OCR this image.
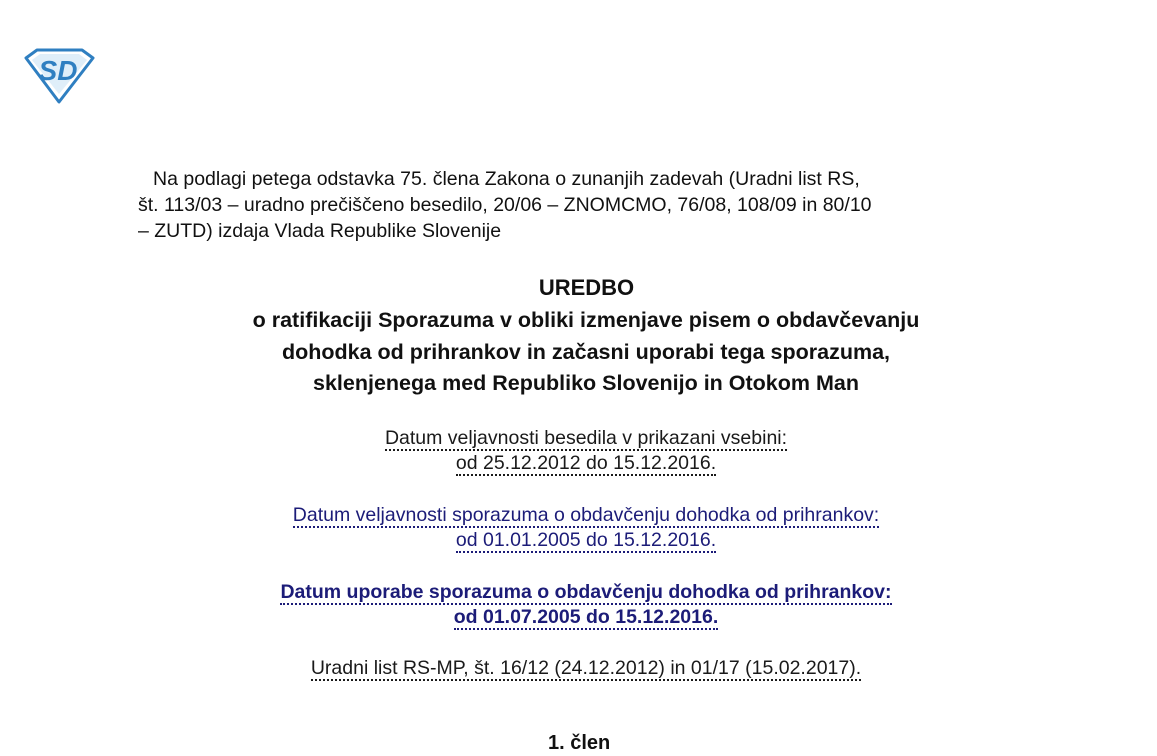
SD
Na podlagi petega odstavka 75. člena Zakona o zunanjih zadevah (Uradni list RS,
št. 113/03 – uradno prečiščeno besedilo, 20/06 – ZNOMCMO, 76/08, 108/09 in 80/10
– ZUTD) izdaja Vlada Republike Slovenije
UREDBO
o ratifikaciji Sporazuma v obliki izmenjave pisem o obdavčevanju
dohodka od prihrankov in začasni uporabi tega sporazuma,
sklenjenega med Republiko Slovenijo in Otokom Man
Datum veljavnosti besedila v prikazani vsebini:
od 25.12.2012 do 15.12.2016.
Datum veljavnosti sporazuma o obdavčenju dohodka od prihrankov:
od 01.01.2005 do 15.12.2016.
Datum uporabe sporazuma o obdavčenju dohodka od prihrankov:
od 01.07.2005 do 15.12.2016.
Uradni list RS-MP, št. 16/12 (24.12.2012) in 01/17 (15.02.2017).
1. člen
